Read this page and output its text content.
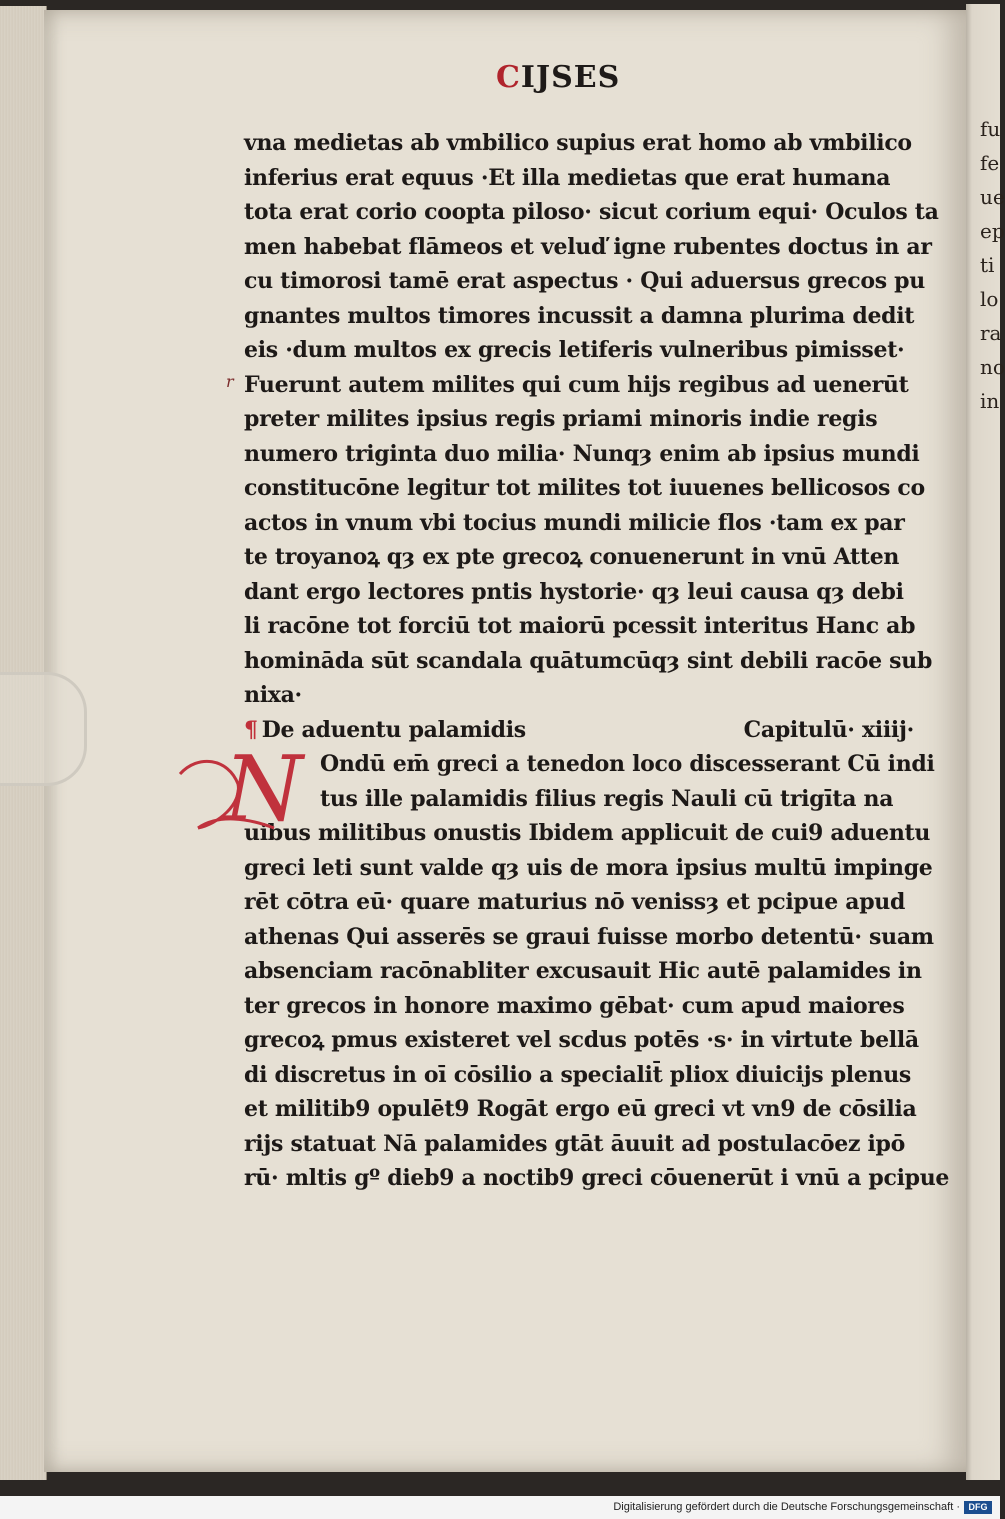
fu
fe
ue
ep
ti
lo
ra
no
in
CIJSES
r
vna medietas ab vmbilico supius erat homo ab vmbilico
inferius erat equus ·Et illa medietas que erat humana
tota erat corio coopta piloso· sicut corium equi· Oculos ta
men habebat flāmeos et veluď igne rubentes doctus in ar
cu timorosi tamē erat aspectus · Qui aduersus grecos pu
gnantes multos timores incussit a damna plurima dedit
eis ·dum multos ex grecis letiferis vulneribus pimisset·
Fuerunt autem milites qui cum hijs regibus ad uenerūt
preter milites ipsius regis priami minoris indie regis
numero triginta duo milia· Nunqȝ enim ab ipsius mundi
constitucōne legitur tot milites tot iuuenes bellicosos co
actos in vnum vbi tocius mundi milicie flos ·tam ex par
te troyanoꝝ qȝ ex pte grecoꝝ conuenerunt in vnū Atten
dant ergo lectores pntis hystorie· qȝ leui causa qȝ debi
li racōne tot forciū tot maiorū pcessit interitus Hanc ab
homināda sūt scandala quātumcūqȝ sint debili racōe sub
nixa·
¶ De aduentu palamidis	Capitulū· xiiij·
Ondū em̄ greci a tenedon loco discesserant Cū indi
tus ille palamidis filius regis Nauli cū trigīta na
uibus militibus onustis Ibidem applicuit de cui9 aduentu
greci leti sunt valde qȝ uis de mora ipsius multū impinge
rēt cōtra eū· quare maturius nō venissȝ et pcipue apud
athenas Qui asserēs se graui fuisse morbo detentū· suam
absenciam racōnabliter excusauit Hic autē palamides in
ter grecos in honore maximo gēbat· cum apud maiores
grecoꝝ pmus existeret vel scdus potēs ·s· in virtute bellā
di discretus in oī cōsilio a specialit̄ pliox diuicijs plenus
et militib9 opulēt9 Rogāt ergo eū greci vt vn9 de cōsilia
rijs statuat Nā palamides gtāt āuuit ad postulacōez ipō
rū· mltis gº dieb9 a noctib9 greci cōuenerūt i vnū a pcipue
N
Digitalisierung gefördert durch die Deutsche Forschungsgemeinschaft · DFG
